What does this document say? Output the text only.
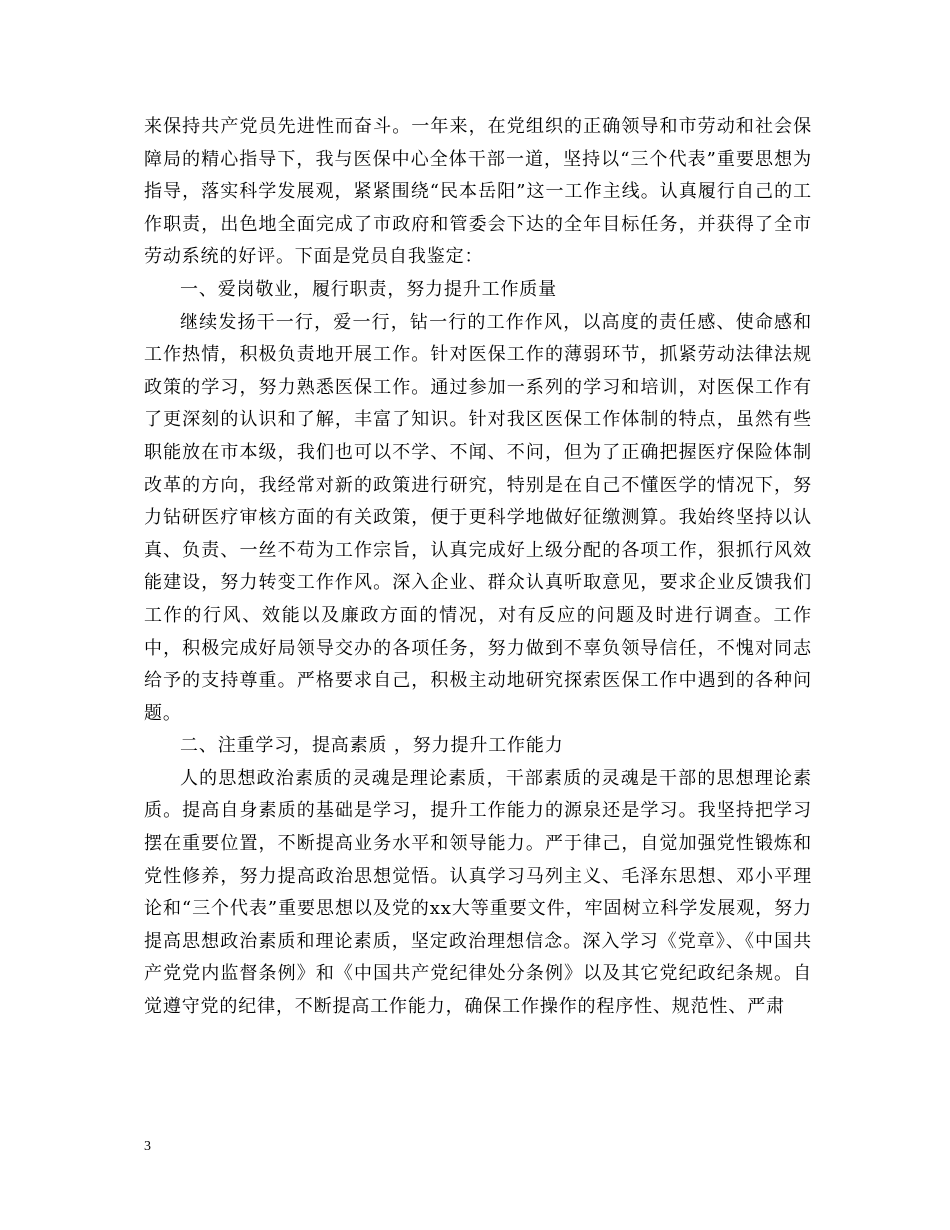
来保持共产党员先进性而奋斗。一年来，在党组织的正确领导和市劳动和社会保障局的精心指导下，我与医保中心全体干部一道，坚持以“三个代表”重要思想为指导，落实科学发展观，紧紧围绕“民本岳阳”这一工作主线。认真履行自己的工作职责，出色地全面完成了市政府和管委会下达的全年目标任务，并获得了全市劳动系统的好评。下面是党员自我鉴定：

一、爱岗敬业，履行职责，努力提升工作质量

继续发扬干一行，爱一行，钻一行的工作作风，以高度的责任感、使命感和工作热情，积极负责地开展工作。针对医保工作的薄弱环节，抓紧劳动法律法规政策的学习，努力熟悉医保工作。通过参加一系列的学习和培训，对医保工作有了更深刻的认识和了解，丰富了知识。针对我区医保工作体制的特点，虽然有些职能放在市本级，我们也可以不学、不闻、不问，但为了正确把握医疗保险体制改革的方向，我经常对新的政策进行研究，特别是在自己不懂医学的情况下，努力钻研医疗审核方面的有关政策，便于更科学地做好征缴测算。我始终坚持以认真、负责、一丝不苟为工作宗旨，认真完成好上级分配的各项工作，狠抓行风效能建设，努力转变工作作风。深入企业、群众认真听取意见，要求企业反馈我们工作的行风、效能以及廉政方面的情况，对有反应的问题及时进行调查。工作中，积极完成好局领导交办的各项任务，努力做到不辜负领导信任，不愧对同志给予的支持尊重。严格要求自己，积极主动地研究探索医保工作中遇到的各种问题。

二、注重学习，提高素质 ，努力提升工作能力

人的思想政治素质的灵魂是理论素质，干部素质的灵魂是干部的思想理论素质。提高自身素质的基础是学习，提升工作能力的源泉还是学习。我坚持把学习摆在重要位置，不断提高业务水平和领导能力。严于律己，自觉加强党性锻炼和党性修养，努力提高政治思想觉悟。认真学习马列主义、毛泽东思想、邓小平理论和“三个代表”重要思想以及党的xx大等重要文件，牢固树立科学发展观，努力提高思想政治素质和理论素质，坚定政治理想信念。深入学习《党章》、《中国共产党党内监督条例》和《中国共产党纪律处分条例》以及其它党纪政纪条规。自觉遵守党的纪律，不断提高工作能力，确保工作操作的程序性、规范性、严肃

3
